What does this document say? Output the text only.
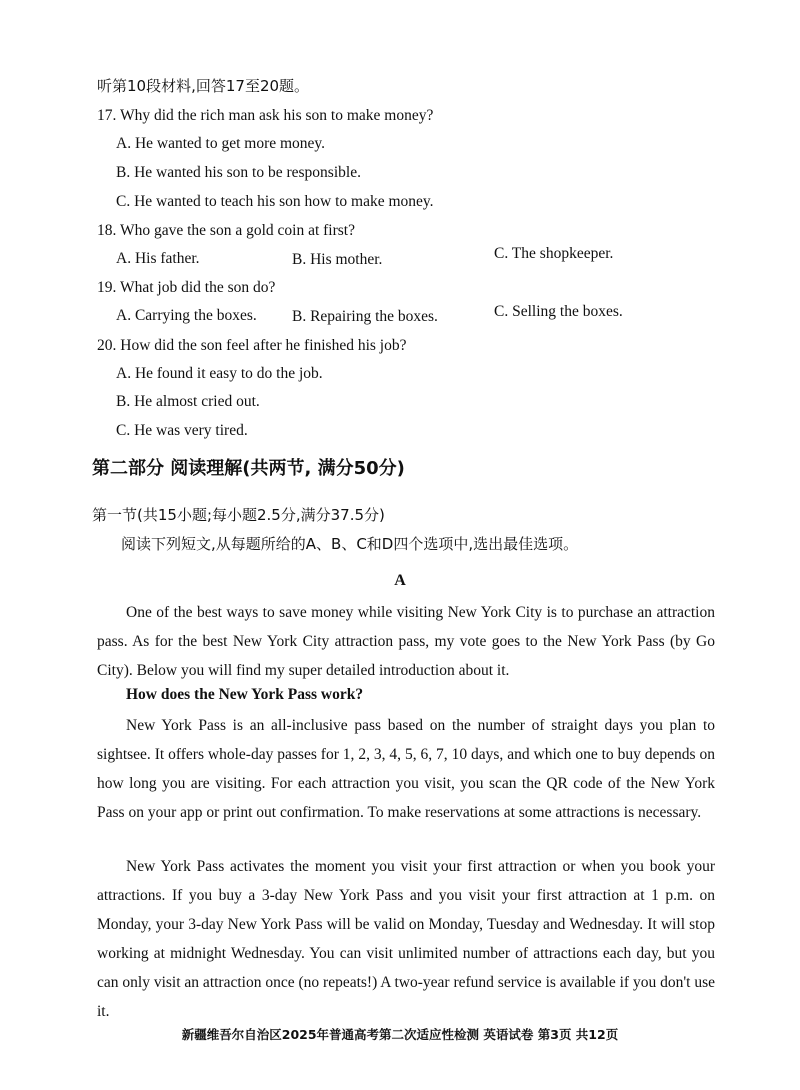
听第10段材料,回答17至20题。
17. Why did the rich man ask his son to make money?
A. He wanted to get more money.
B. He wanted his son to be responsible.
C. He wanted to teach his son how to make money.
18. Who gave the son a gold coin at first?
A. His father.	B. His mother.	C. The shopkeeper.
19. What job did the son do?
A. Carrying the boxes. B. Repairing the boxes.	C. Selling the boxes.
20. How did the son feel after he finished his job?
A. He found it easy to do the job.
B. He almost cried out.
C. He was very tired.
第二部分 阅读理解(共两节, 满分50分)
第一节(共15小题;每小题2.5分,满分37.5分)
阅读下列短文,从每题所给的A、B、C和D四个选项中,选出最佳选项。
A

One of the best ways to save money while visiting New York City is to purchase an attraction pass. As for the best New York City attraction pass, my vote goes to the New York Pass (by Go City). Below you will find my super detailed introduction about it.

How does the New York Pass work?

New York Pass is an all-inclusive pass based on the number of straight days you plan to sightsee. It offers whole-day passes for 1, 2, 3, 4, 5, 6, 7, 10 days, and which one to buy depends on how long you are visiting. For each attraction you visit, you scan the QR code of the New York Pass on your app or print out confirmation. To make reservations at some attractions is necessary.

New York Pass activates the moment you visit your first attraction or when you book your attractions. If you buy a 3-day New York Pass and you visit your first attraction at 1 p.m. on Monday, your 3-day New York Pass will be valid on Monday, Tuesday and Wednesday. It will stop working at midnight Wednesday. You can visit unlimited number of attractions each day, but you can only visit an attraction once (no repeats!) A two-year refund service is available if you don't use it.

新疆维吾尔自治区2025年普通高考第二次适应性检测 英语试卷 第3页 共12页
